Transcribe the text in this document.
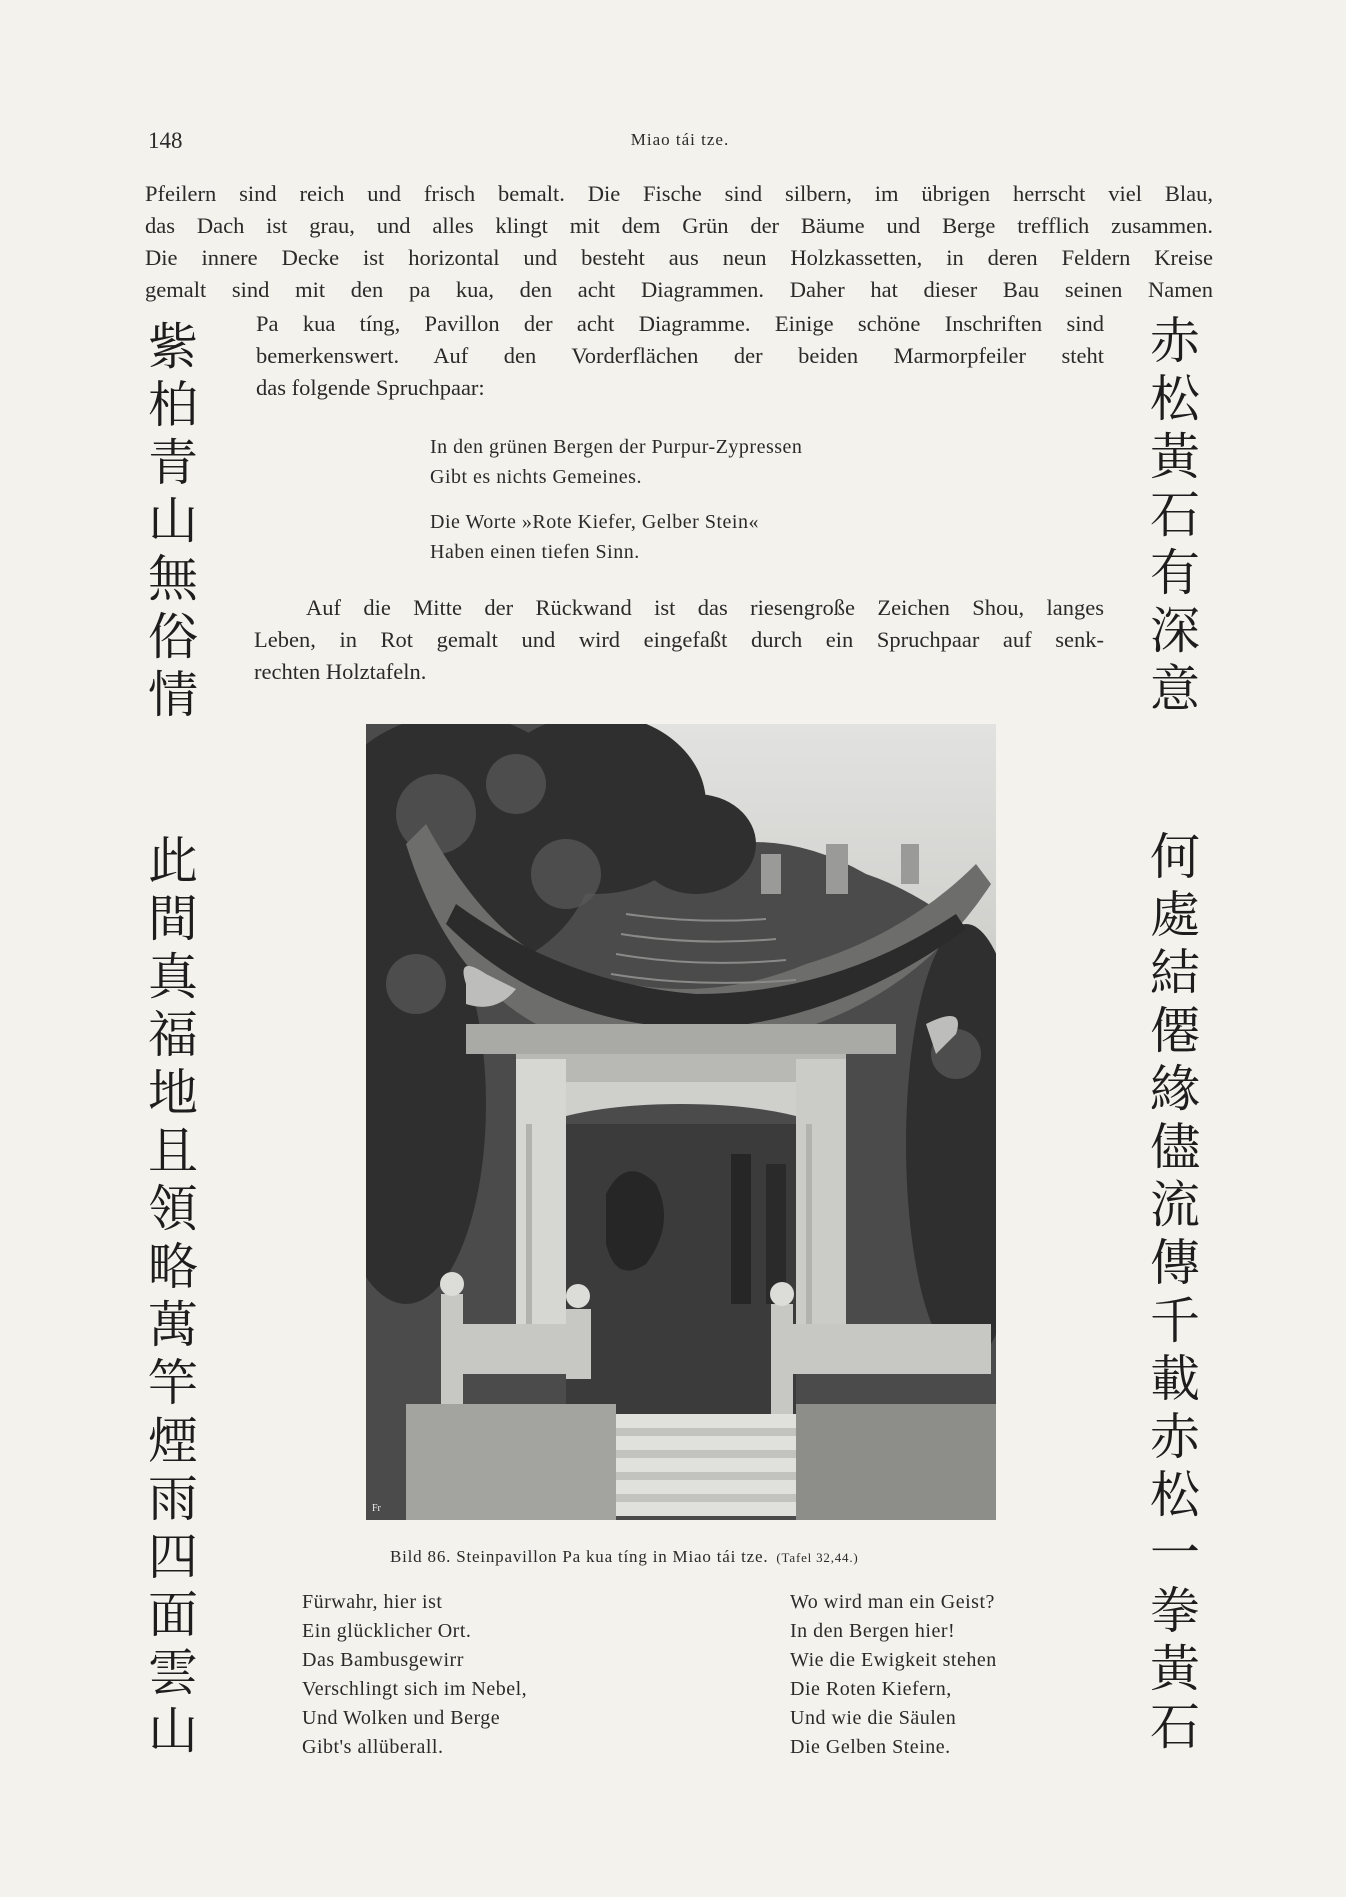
148	Miao tái tze.

Pfeilern sind reich und frisch bemalt. Die Fische sind silbern, im übrigen herrscht viel Blau,

das Dach ist grau, und alles klingt mit dem Grün der Bäume und Berge trefflich zusammen.

Die innere Decke ist horizontal und besteht aus neun Holzkassetten, in deren Feldern Kreise

gemalt sind mit den pa kua, den acht Diagrammen. Daher hat dieser Bau seinen Namen

Pa kua tíng, Pavillon der acht Diagramme. Einige schöne Inschriften sind

bemerkenswert. Auf den Vorderflächen der beiden Marmorpfeiler steht

das folgende Spruchpaar:

In den grünen Bergen der Purpur-Zypressen
Gibt es nichts Gemeines.
Die Worte »Rote Kiefer, Gelber Stein«
Haben einen tiefen Sinn.

Auf die Mitte der Rückwand ist das riesengroße Zeichen Shou, langes

Leben, in Rot gemalt und wird eingefaßt durch ein Spruchpaar auf senk-

rechten Holztafeln.

紫
柏
青
山
無
俗
情
赤
松
黃
石
有
深
意
此
間
真
福
地
且
領
略
萬
竿
煙
雨
四
面
雲
山
何
處
結
僊
緣
儘
流
傳
千
載
赤
松
一
拳
黃
石
Fr
Bild 86. Steinpavillon Pa kua tíng in Miao tái tze. (Tafel 32,44.)
Fürwahr, hier ist
Ein glücklicher Ort.
Das Bambusgewirr
Verschlingt sich im Nebel,
Und Wolken und Berge
Gibt's allüberall.
Wo wird man ein Geist?
In den Bergen hier!
Wie die Ewigkeit stehen
Die Roten Kiefern,
Und wie die Säulen
Die Gelben Steine.
